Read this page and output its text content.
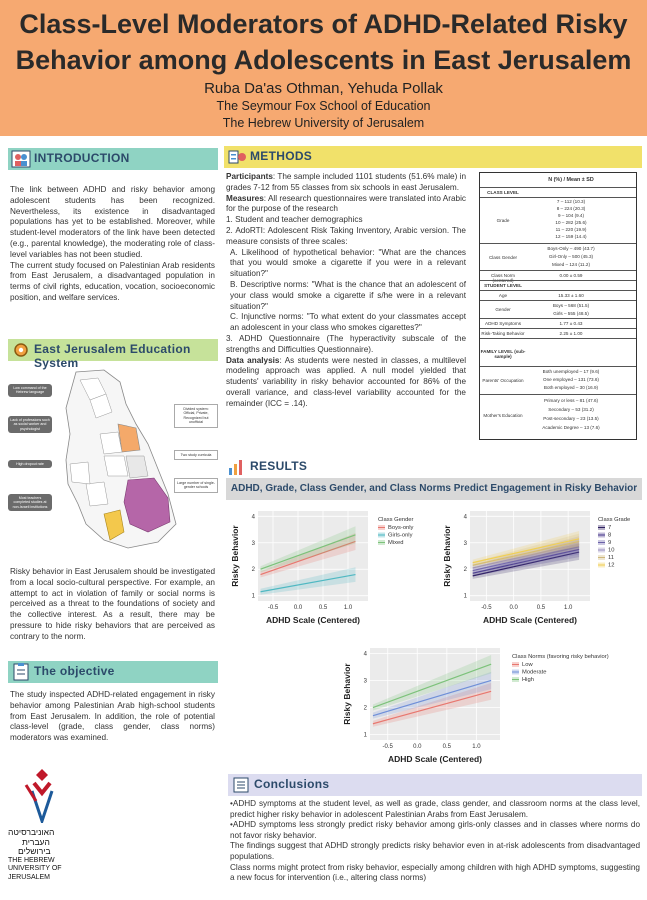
Class-Level Moderators of ADHD-Related Risky
Behavior among Adolescents in East Jerusalem
Ruba Da'as Othman, Yehuda Pollak
The Seymour Fox School of Education
The Hebrew University of Jerusalem
INTRODUCTION

The link between ADHD and risky behavior among adolescent students has been recognized. Nevertheless, its existence in disadvantaged populations has yet to be established. Moreover, while student-level moderators of the link have been detected (e.g., parental knowledge), the moderating role of class-level variables has not been studied.

The current study focused on Palestinian Arab residents from East Jerusalem, a disadvantaged population in terms of civil rights, education, vocation, socioeconomic position, and welfare services.

East Jerusalem Education System
Low command of the Hebrew language
Lack of professions such as social worker and psychologist
High dropout rate
Most teachers completed studies at non-Israeli institutions
Divided system: Official, Private, Recognized but unofficial
Two study curricula
Large number of single-gender schools
Risky behavior in East Jerusalem should be investigated from a local socio-cultural perspective. For example, an attempt to act in violation of family or social norms is perceived as a threat to the foundations of society and the collective interest. As a result, there may be pressure to hide risky behaviors that are perceived as contrary to the norm.
The objective
The study inspected ADHD-related engagement in risky behavior among Palestinian Arab high-school students from East Jerusalem. In addition, the role of potential class-level (grade, class gender, class norms) moderators was examined.
האוניברסיטה
העברית
בירושלים
THE HEBREW
UNIVERSITY OF
JERUSALEM
METHODS

Participants: The sample included 1101 students (51.6% male) in grades 7-12 from 55 classes from six schools in east Jerusalem.

Measures: All research questionnaires were translated into Arabic for the purpose of the research

1. Student and teacher demographics

2. AdoRTI: Adolescent Risk Taking Inventory, Arabic version. The measure consists of three scales:

A. Likelihood of hypothetical behavior: "What are the chances that you would smoke a cigarette if you were in a relevant situation?"

B. Descriptive norms: "What is the chance that an adolescent of your class would smoke a cigarette if s/he were in a relevant situation?"

C. Injunctive norms: "To what extent do your classmates accept an adolescent in your class who smokes cigarettes?"

3. ADHD Questionnaire (The hyperactivity subscale of the strengths and Difficulties Questionnaire).

Data analysis: As students were nested in classes, a multilevel modeling approach was applied. A null model yielded that students' variability in risky behavior accounted for 86% of the overall variance, and class-level variability accounted for the remainder (ICC = .14).

N (%) / Mean ± SD
CLASS LEVEL
Grade
7 – 112 (10.3)
8 – 224 (20.3)
9 – 104 (9.4)
10 – 282 (25.6)
11 – 220 (19.9)
12 – 159 (14.4)
Class Gender
Boys-Only – 490 (43.7)
Girl-Only – 500 (45.3)
Mixed – 124 (11.2)
Class Norm (centered)
0.00 ± 0.59
STUDENT LEVEL
Age	15.33 ± 1.60
Gender
Boys – 568 (51.5)
Girls – 555 (48.5)
ADHD Symptoms	1.77 ± 0.43
Risk-Taking Behavior	2.25 ± 1.00
FAMILY LEVEL (sub-sample)
Parents' Occupation
Both unemployed – 17 (9.6)
One employed – 131 (73.6)
Both employed – 30 (16.9)
Mother's Education
Primary or less – 81 (47.6)
Secondary – 53 (31.2)
Post-secondary – 23 (13.5)
Academic Degree – 13 (7.6)
RESULTS
ADHD, Grade, Class Gender, and Class Norms Predict Engagement in Risky Behavior
1
2
3
4
-0.5	0.0	0.5	1.0
ADHD Scale (Centered)
Risky Behavior
Class Gender
Boys-only
Girls-only
Mixed
1
2
3
4
-0.5	0.0	0.5	1.0
ADHD Scale (Centered)
Risky Behavior
Class Grade
7
8
9
10
11
12
1
2
3
4
-0.5	0.0	0.5	1.0
ADHD Scale (Centered)
Risky Behavior
Class Norms (favoring risky behavior)
Low
Moderate
High
Conclusions

•ADHD symptoms at the student level, as well as grade, class gender, and classroom norms at the class level, predict higher risky behavior in adolescent Palestinian Arabs from East Jerusalem.

•ADHD symptoms less strongly predict risky behavior among girls-only classes and in classes where norms do not favor risky behavior.

The findings suggest that ADHD strongly predicts risky behavior even in at-risk adolescents from disadvantaged populations.

Class norms might protect from risky behavior, especially among children with high ADHD symptoms, suggesting a new focus for intervention (i.e., altering class norms)
